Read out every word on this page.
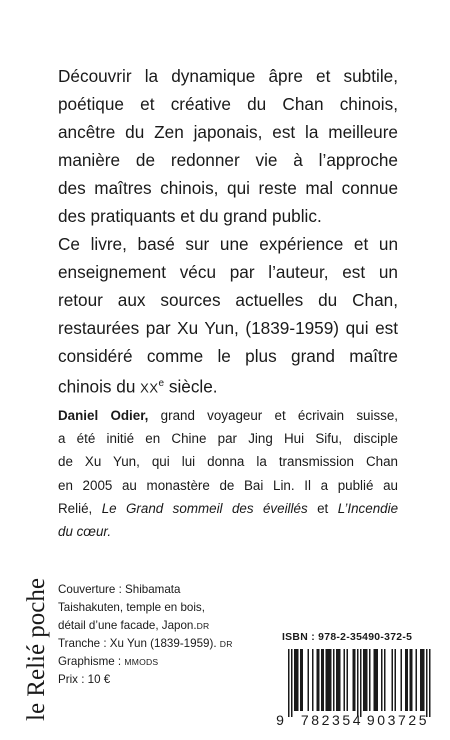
Découvrir la dynamique âpre et subtile,
poétique et créative du Chan chinois,
ancêtre du Zen japonais, est la meilleure
manière de redonner vie à l’approche
des maîtres chinois, qui reste mal connue
des pratiquants et du grand public.
Ce livre, basé sur une expérience et un
enseignement vécu par l’auteur, est un
retour aux sources actuelles du Chan,
restaurées par Xu Yun, (1839-1959) qui est
considéré comme le plus grand maître
chinois du XXe siècle.
Daniel Odier, grand voyageur et écrivain suisse,
a été initié en Chine par Jing Hui Sifu, disciple
de Xu Yun, qui lui donna la transmission Chan
en 2005 au monastère de Bai Lin. Il a publié au
Relié, Le Grand sommeil des éveillés et L’Incendie
du cœur.
le Relié poche Couverture : Shibamata
Taishakuten, temple en bois,
détail d’une facade, Japon.DR
Tranche : Xu Yun (1839-1959). DR
Graphisme : MMODS
Prix : 10 €
ISBN : 978-2-35490-372-5
9 782354 903725
